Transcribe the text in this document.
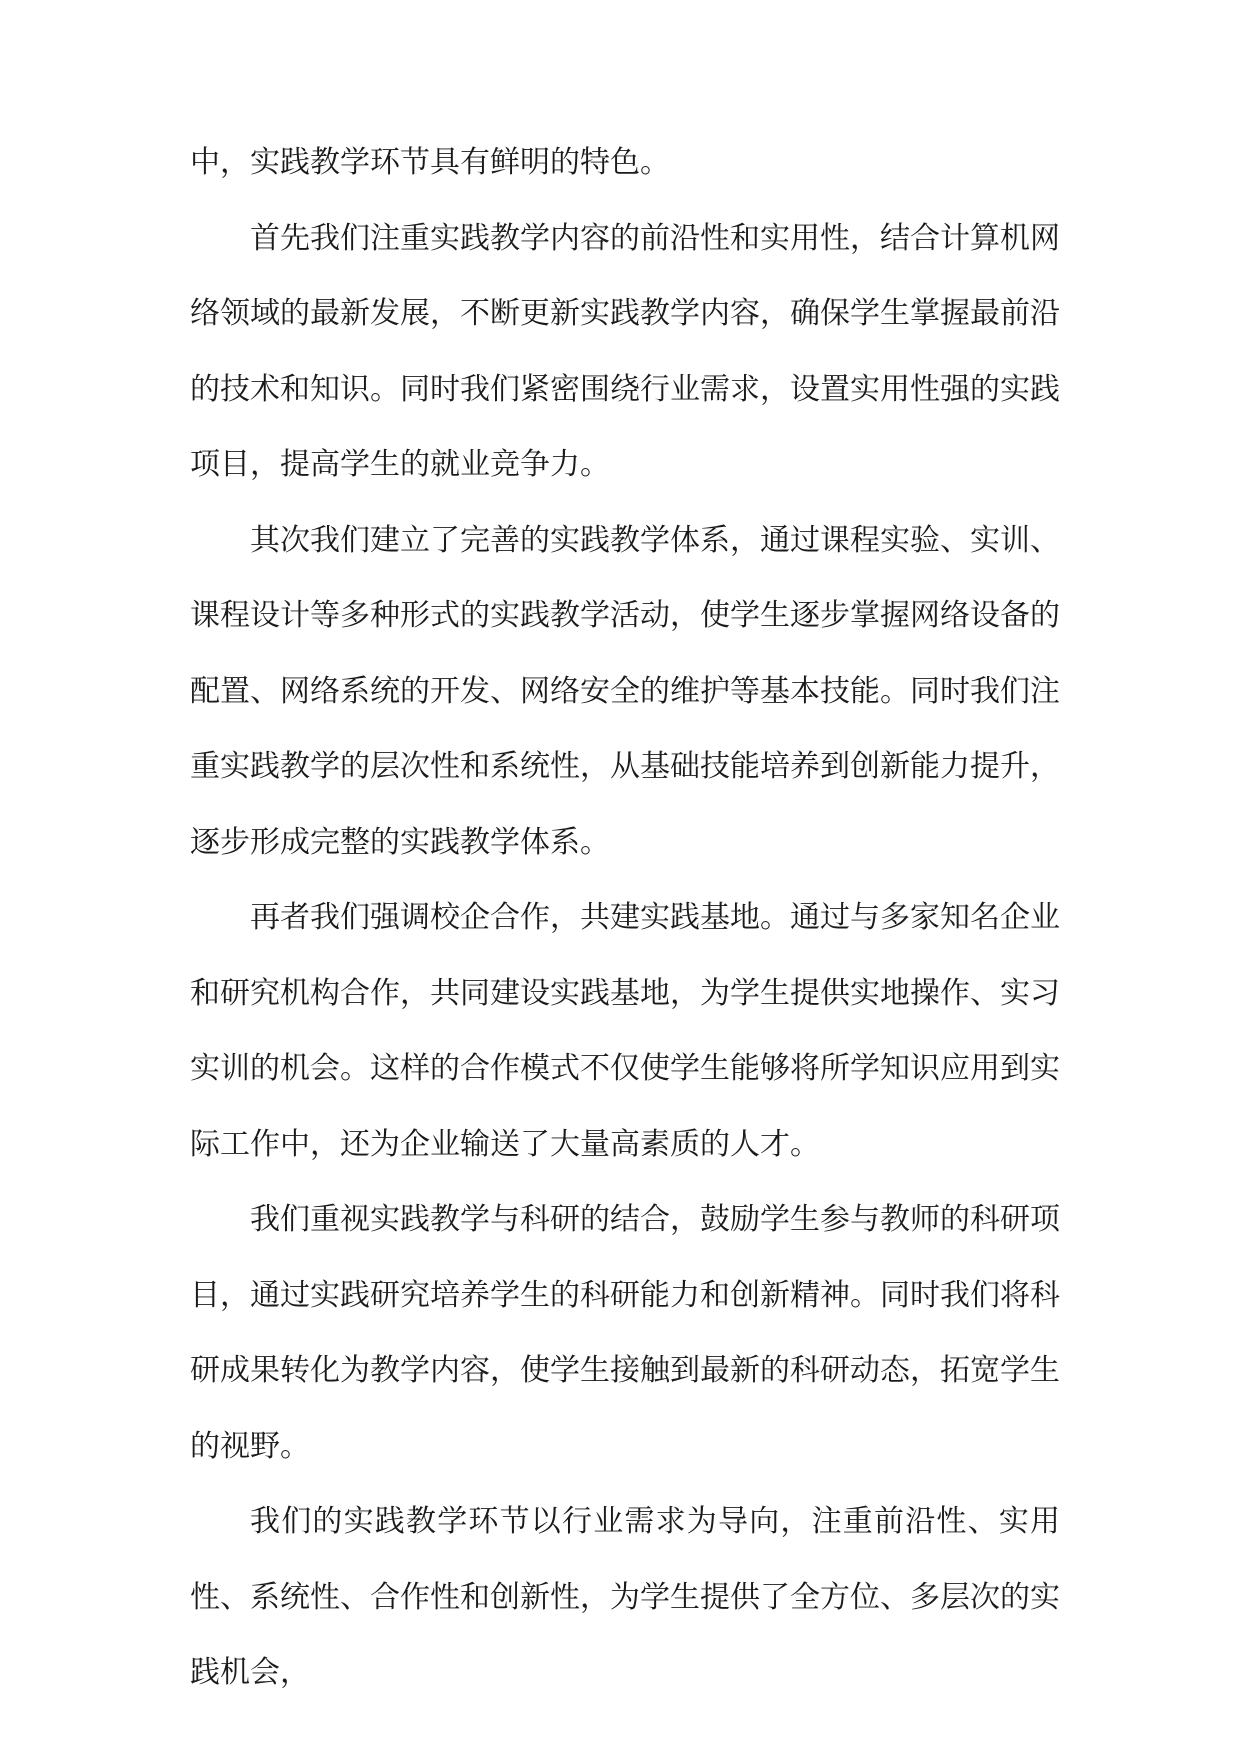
中，实践教学环节具有鲜明的特色。

首先我们注重实践教学内容的前沿性和实用性，结合计算机网络领域的最新发展，不断更新实践教学内容，确保学生掌握最前沿的技术和知识。同时我们紧密围绕行业需求，设置实用性强的实践项目，提高学生的就业竞争力。

其次我们建立了完善的实践教学体系，通过课程实验、实训、课程设计等多种形式的实践教学活动，使学生逐步掌握网络设备的配置、网络系统的开发、网络安全的维护等基本技能。同时我们注重实践教学的层次性和系统性，从基础技能培养到创新能力提升，逐步形成完整的实践教学体系。

再者我们强调校企合作，共建实践基地。通过与多家知名企业和研究机构合作，共同建设实践基地，为学生提供实地操作、实习实训的机会。这样的合作模式不仅使学生能够将所学知识应用到实际工作中，还为企业输送了大量高素质的人才。

我们重视实践教学与科研的结合，鼓励学生参与教师的科研项目，通过实践研究培养学生的科研能力和创新精神。同时我们将科研成果转化为教学内容，使学生接触到最新的科研动态，拓宽学生的视野。

我们的实践教学环节以行业需求为导向，注重前沿性、实用性、系统性、合作性和创新性，为学生提供了全方位、多层次的实践机会，
